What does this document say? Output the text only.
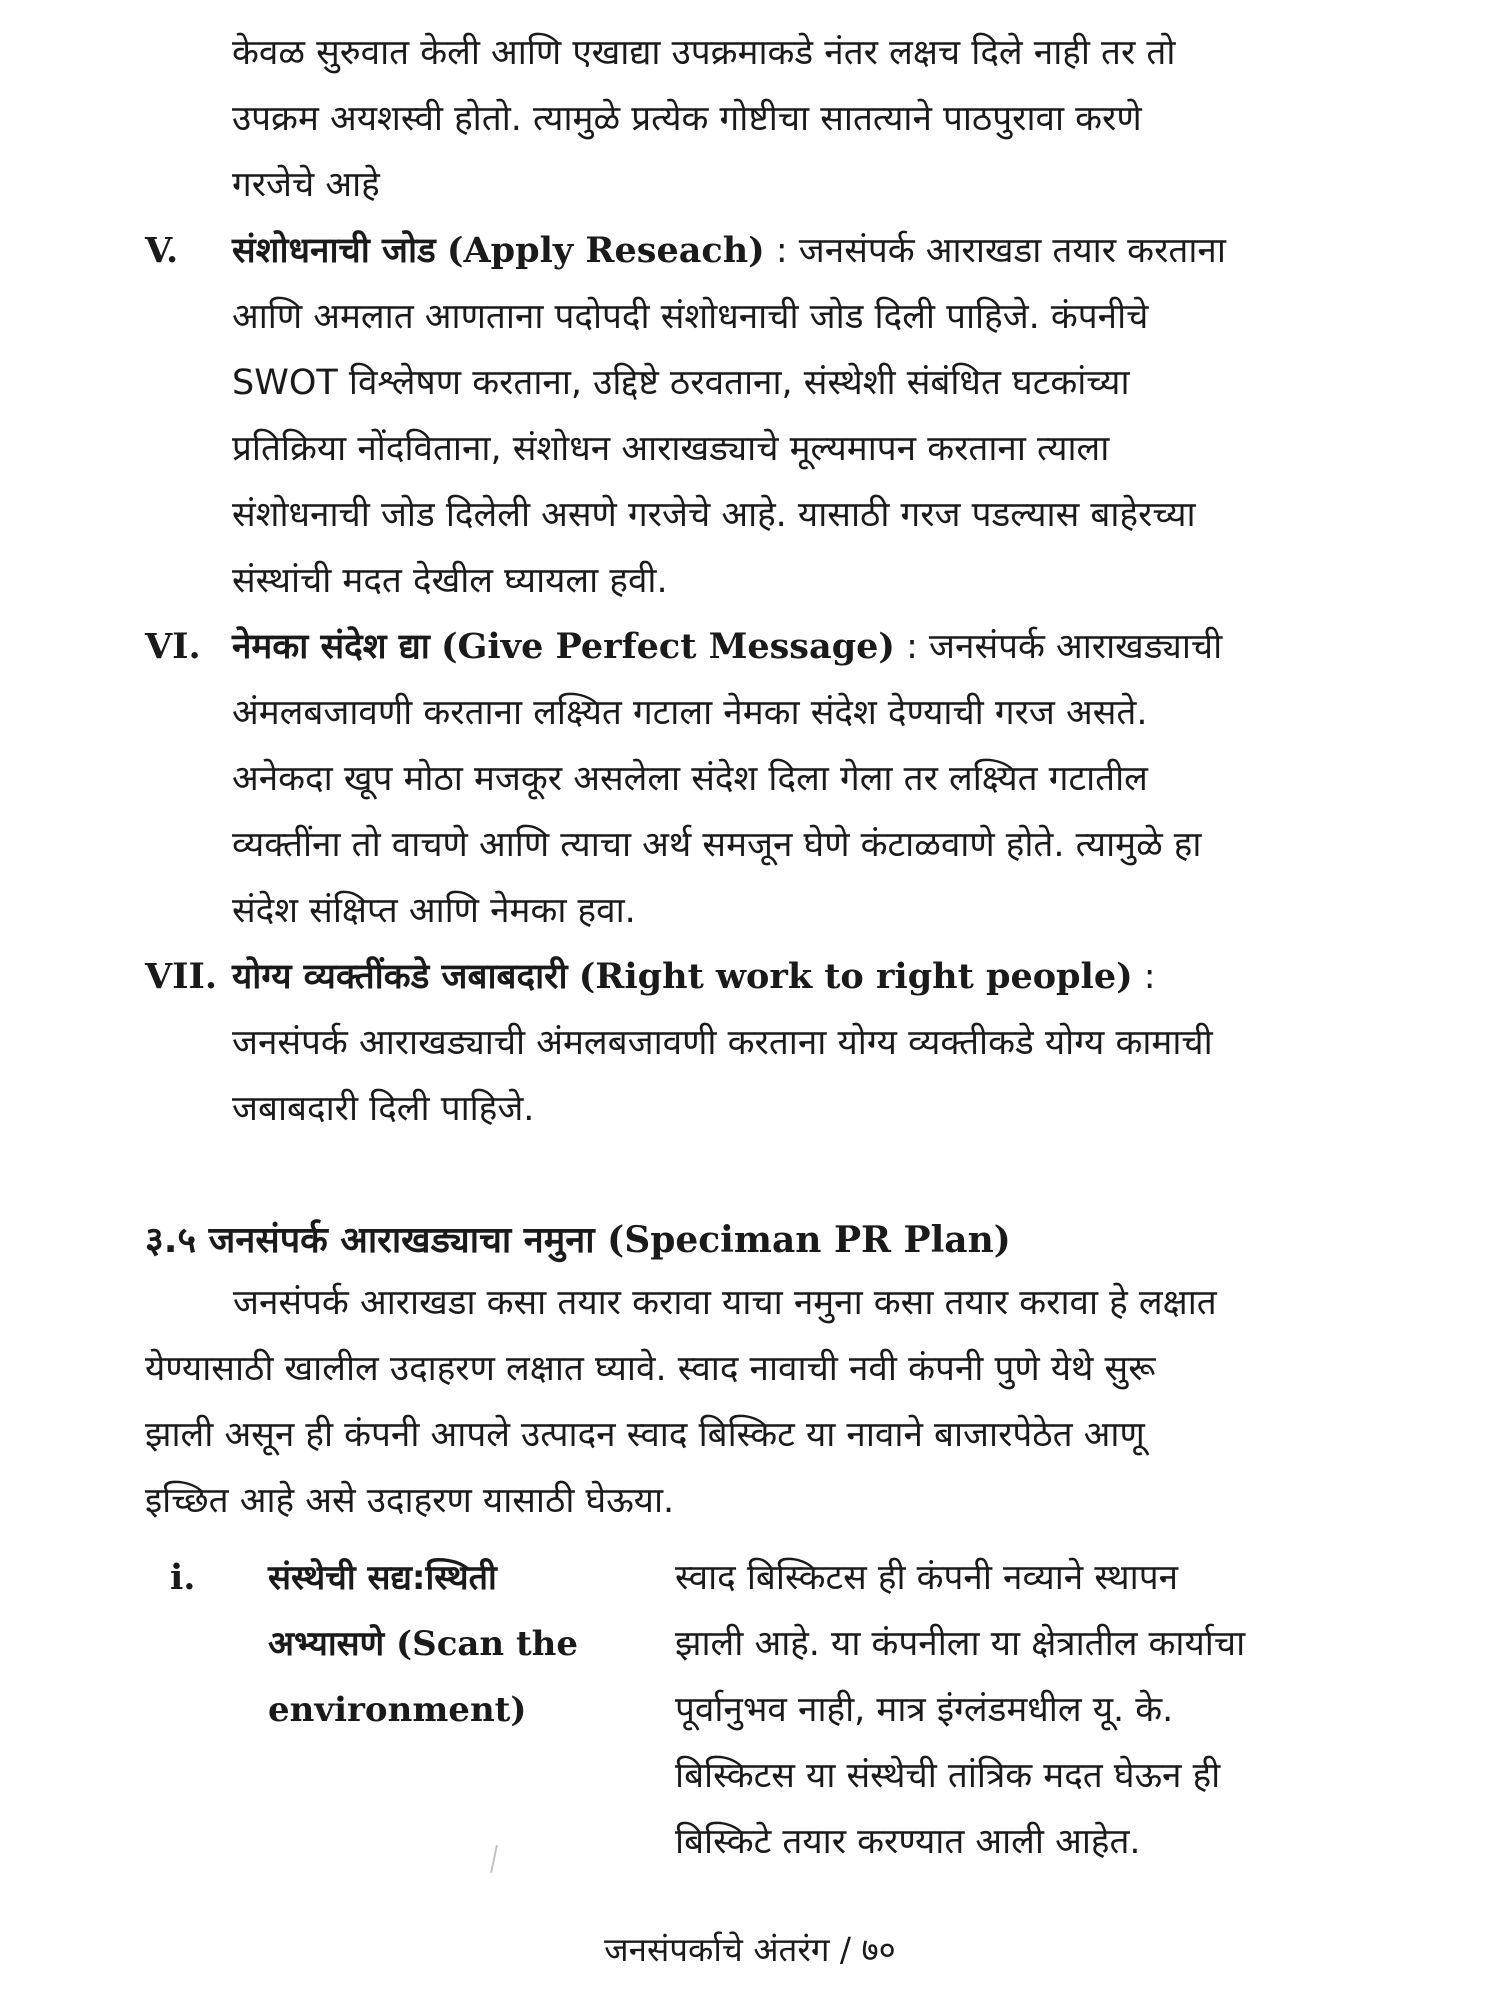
केवळ सुरुवात केली आणि एखाद्या उपक्रमाकडे नंतर लक्षच दिले नाही तर तो
उपक्रम अयशस्वी होतो. त्यामुळे प्रत्येक गोष्टीचा सातत्याने पाठपुरावा करणे
गरजेचे आहे
V. संशोधनाची जोड (Apply Reseach) : जनसंपर्क आराखडा तयार करताना
आणि अमलात आणताना पदोपदी संशोधनाची जोड दिली पाहिजे. कंपनीचे
SWOT विश्लेषण करताना, उद्दिष्टे ठरवताना, संस्थेशी संबंधित घटकांच्या
प्रतिक्रिया नोंदविताना, संशोधन आराखड्याचे मूल्यमापन करताना त्याला
संशोधनाची जोड दिलेली असणे गरजेचे आहे. यासाठी गरज पडल्यास बाहेरच्या
संस्थांची मदत देखील घ्यायला हवी.
VI. नेमका संदेश द्या (Give Perfect Message) : जनसंपर्क आराखड्याची
अंमलबजावणी करताना लक्ष्यित गटाला नेमका संदेश देण्याची गरज असते.
अनेकदा खूप मोठा मजकूर असलेला संदेश दिला गेला तर लक्ष्यित गटातील
व्यक्तींना तो वाचणे आणि त्याचा अर्थ समजून घेणे कंटाळवाणे होते. त्यामुळे हा
संदेश संक्षिप्त आणि नेमका हवा.
VII. योग्य व्यक्तींकडे जबाबदारी (Right work to right people) :
जनसंपर्क आराखड्याची अंमलबजावणी करताना योग्य व्यक्तीकडे योग्य कामाची
जबाबदारी दिली पाहिजे.
३.५ जनसंपर्क आराखड्याचा नमुना (Speciman PR Plan)
जनसंपर्क आराखडा कसा तयार करावा याचा नमुना कसा तयार करावा हे लक्षात
येण्यासाठी खालील उदाहरण लक्षात घ्यावे. स्वाद नावाची नवी कंपनी पुणे येथे सुरू
झाली असून ही कंपनी आपले उत्पादन स्वाद बिस्किट या नावाने बाजारपेठेत आणू
इच्छित आहे असे उदाहरण यासाठी घेऊया.
i. संस्थेची सद्य:स्थिती
अभ्यासणे (Scan the
environment)
स्वाद बिस्किटस ही कंपनी नव्याने स्थापन
झाली आहे. या कंपनीला या क्षेत्रातील कार्याचा
पूर्वानुभव नाही, मात्र इंग्लंडमधील यू. के.
बिस्किटस या संस्थेची तांत्रिक मदत घेऊन ही
बिस्किटे तयार करण्यात आली आहेत.
जनसंपर्काचे अंतरंग / ७०
